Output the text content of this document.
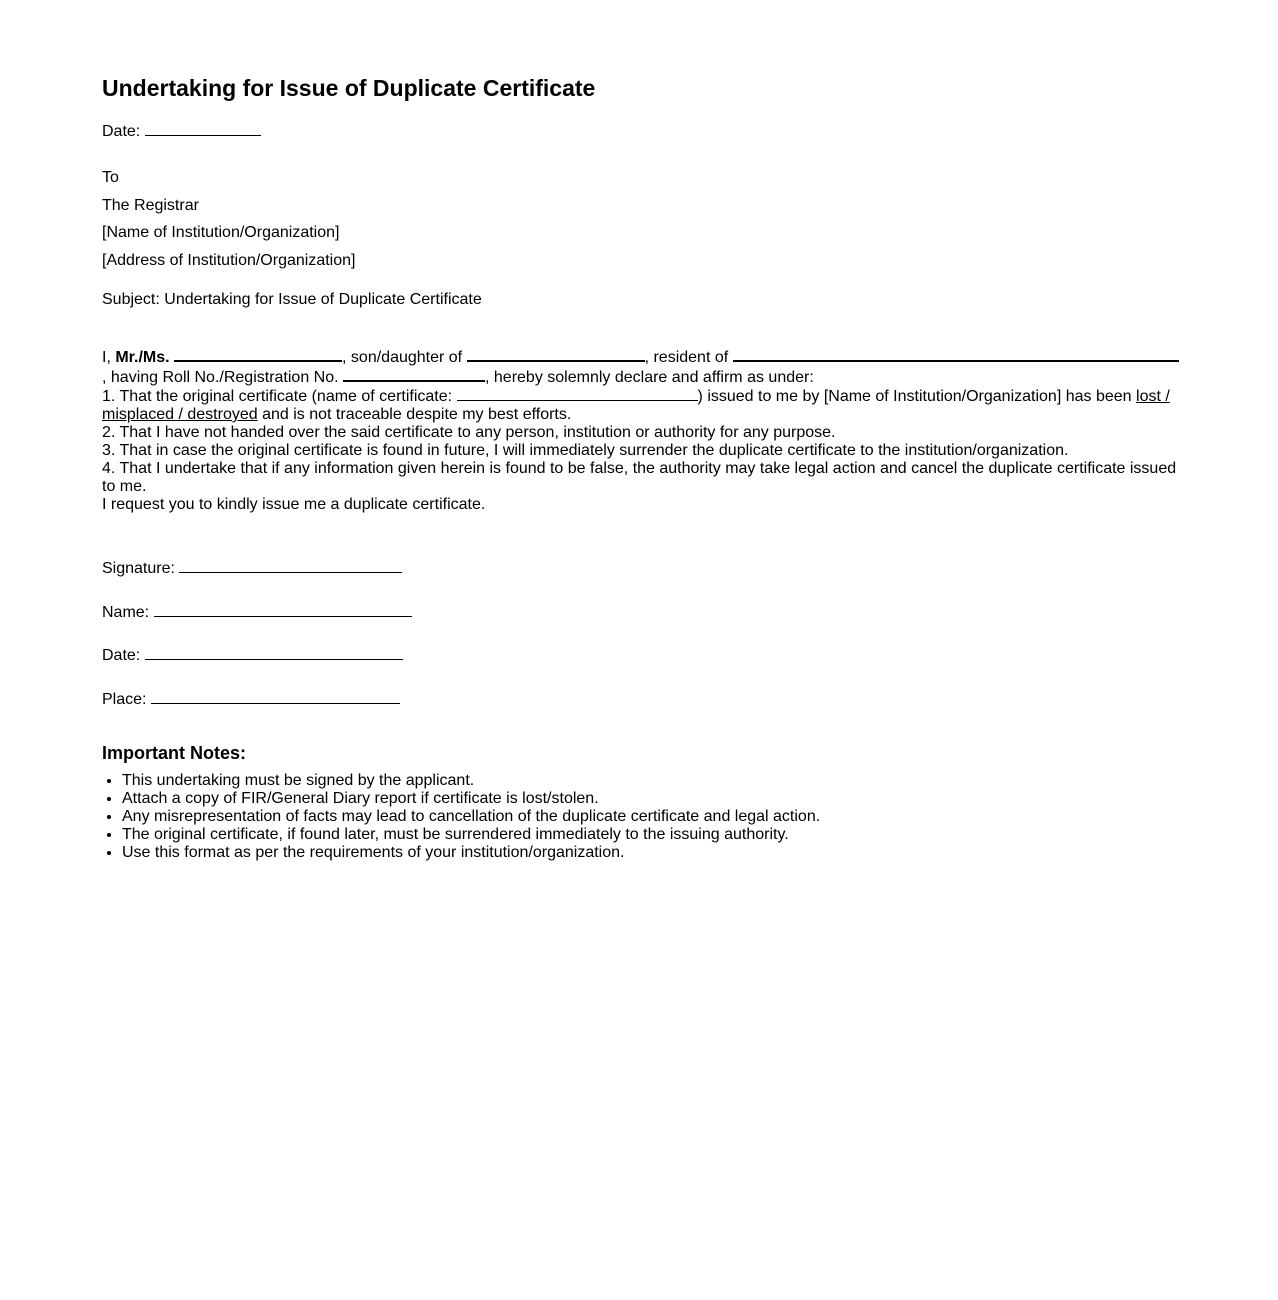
Undertaking for Issue of Duplicate Certificate
Date:
To
The Registrar
[Name of Institution/Organization]
[Address of Institution/Organization]
Subject: Undertaking for Issue of Duplicate Certificate
I, Mr./Ms.	, son/daughter of	, resident of , having Roll No./Registration No.	, hereby solemnly declare and affirm as under:
1. That the original certificate (name of certificate:	) issued to me by [Name of Institution/Organization] has been lost / misplaced / destroyed and is not traceable despite my best efforts.
2. That I have not handed over the said certificate to any person, institution or authority for any purpose.
3. That in case the original certificate is found in future, I will immediately surrender the duplicate certificate to the institution/organization.
4. That I undertake that if any information given herein is found to be false, the authority may take legal action and cancel the duplicate certificate issued to me.
I request you to kindly issue me a duplicate certificate.
Signature:
Name:
Date:
Place:
Important Notes:
• This undertaking must be signed by the applicant.
• Attach a copy of FIR/General Diary report if certificate is lost/stolen.
• Any misrepresentation of facts may lead to cancellation of the duplicate certificate and legal action.
• The original certificate, if found later, must be surrendered immediately to the issuing authority.
• Use this format as per the requirements of your institution/organization.
